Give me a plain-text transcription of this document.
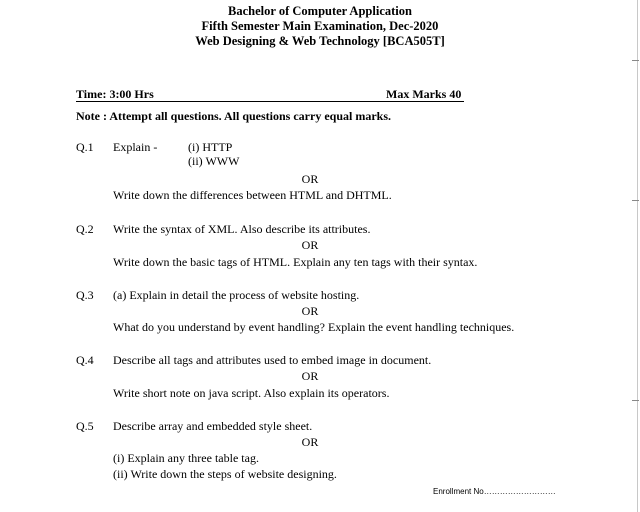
Bachelor of Computer Application
Fifth Semester Main Examination, Dec-2020
Web Designing & Web Technology [BCA505T]
Time: 3:00 Hrs	Max Marks 40
Note : Attempt all questions. All questions carry equal marks.
Q.1 Explain -	(i) HTTP
(ii) WWW
OR
Write down the differences between HTML and DHTML.
Q.2 Write the syntax of XML. Also describe its attributes.
OR
Write down the basic tags of HTML. Explain any ten tags with their syntax.
Q.3 (a) Explain in detail the process of website hosting.
OR
What do you understand by event handling? Explain the event handling techniques.
Q.4 Describe all tags and attributes used to embed image in document.
OR
Write short note on java script. Also explain its operators.
Q.5 Describe array and embedded style sheet.
OR
(i) Explain any three table tag.
(ii) Write down the steps of website designing.
Enrollment No………………………
